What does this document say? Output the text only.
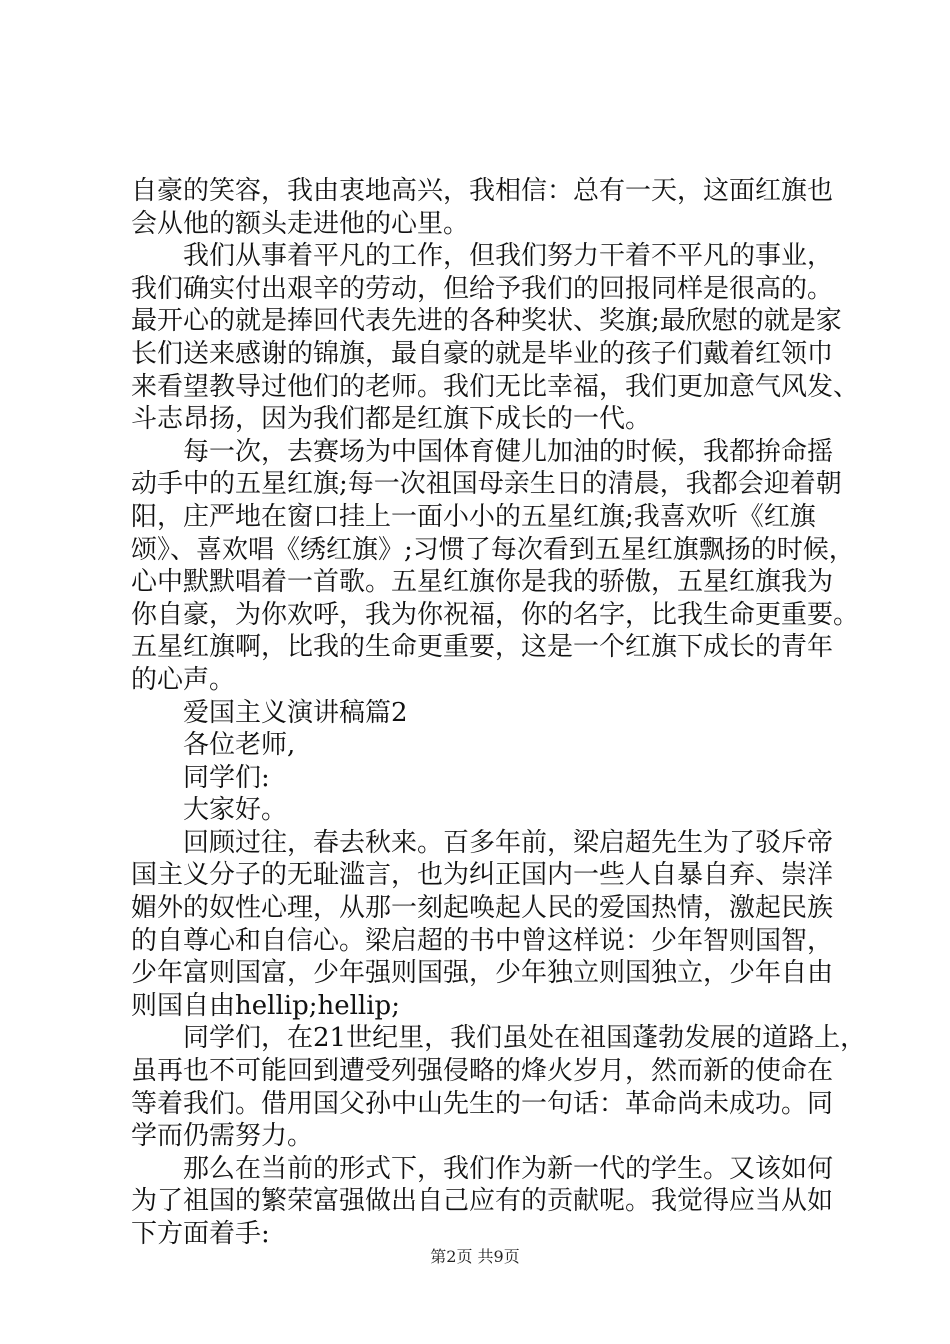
自豪的笑容，我由衷地高兴，我相信：总有一天，这面红旗也
会从他的额头走进他的心里。
　　我们从事着平凡的工作，但我们努力干着不平凡的事业，
我们确实付出艰辛的劳动，但给予我们的回报同样是很高的。
最开心的就是捧回代表先进的各种奖状、奖旗;最欣慰的就是家
长们送来感谢的锦旗，最自豪的就是毕业的孩子们戴着红领巾
来看望教导过他们的老师。我们无比幸福，我们更加意气风发、
斗志昂扬，因为我们都是红旗下成长的一代。
　　每一次，去赛场为中国体育健儿加油的时候，我都拚命摇
动手中的五星红旗;每一次祖国母亲生日的清晨，我都会迎着朝
阳，庄严地在窗口挂上一面小小的五星红旗;我喜欢听《红旗
颂》、喜欢唱《绣红旗》;习惯了每次看到五星红旗飘扬的时候，
心中默默唱着一首歌。五星红旗你是我的骄傲，五星红旗我为
你自豪，为你欢呼，我为你祝福，你的名字，比我生命更重要。
五星红旗啊，比我的生命更重要，这是一个红旗下成长的青年
的心声。
　　爱国主义演讲稿篇2
　　各位老师,
　　同学们:
　　大家好。
　　回顾过往，春去秋来。百多年前，梁启超先生为了驳斥帝
国主义分子的无耻滥言，也为纠正国内一些人自暴自弃、崇洋
媚外的奴性心理，从那一刻起唤起人民的爱国热情，激起民族
的自尊心和自信心。梁启超的书中曾这样说：少年智则国智，
少年富则国富，少年强则国强，少年独立则国独立，少年自由
则国自由hellip;hellip;
　　同学们，在21世纪里，我们虽处在祖国蓬勃发展的道路上，
虽再也不可能回到遭受列强侵略的烽火岁月，然而新的使命在
等着我们。借用国父孙中山先生的一句话：革命尚未成功。同
学而仍需努力。
　　那么在当前的形式下，我们作为新一代的学生。又该如何
为了祖国的繁荣富强做出自己应有的贡献呢。我觉得应当从如
下方面着手:
第2页 共9页
